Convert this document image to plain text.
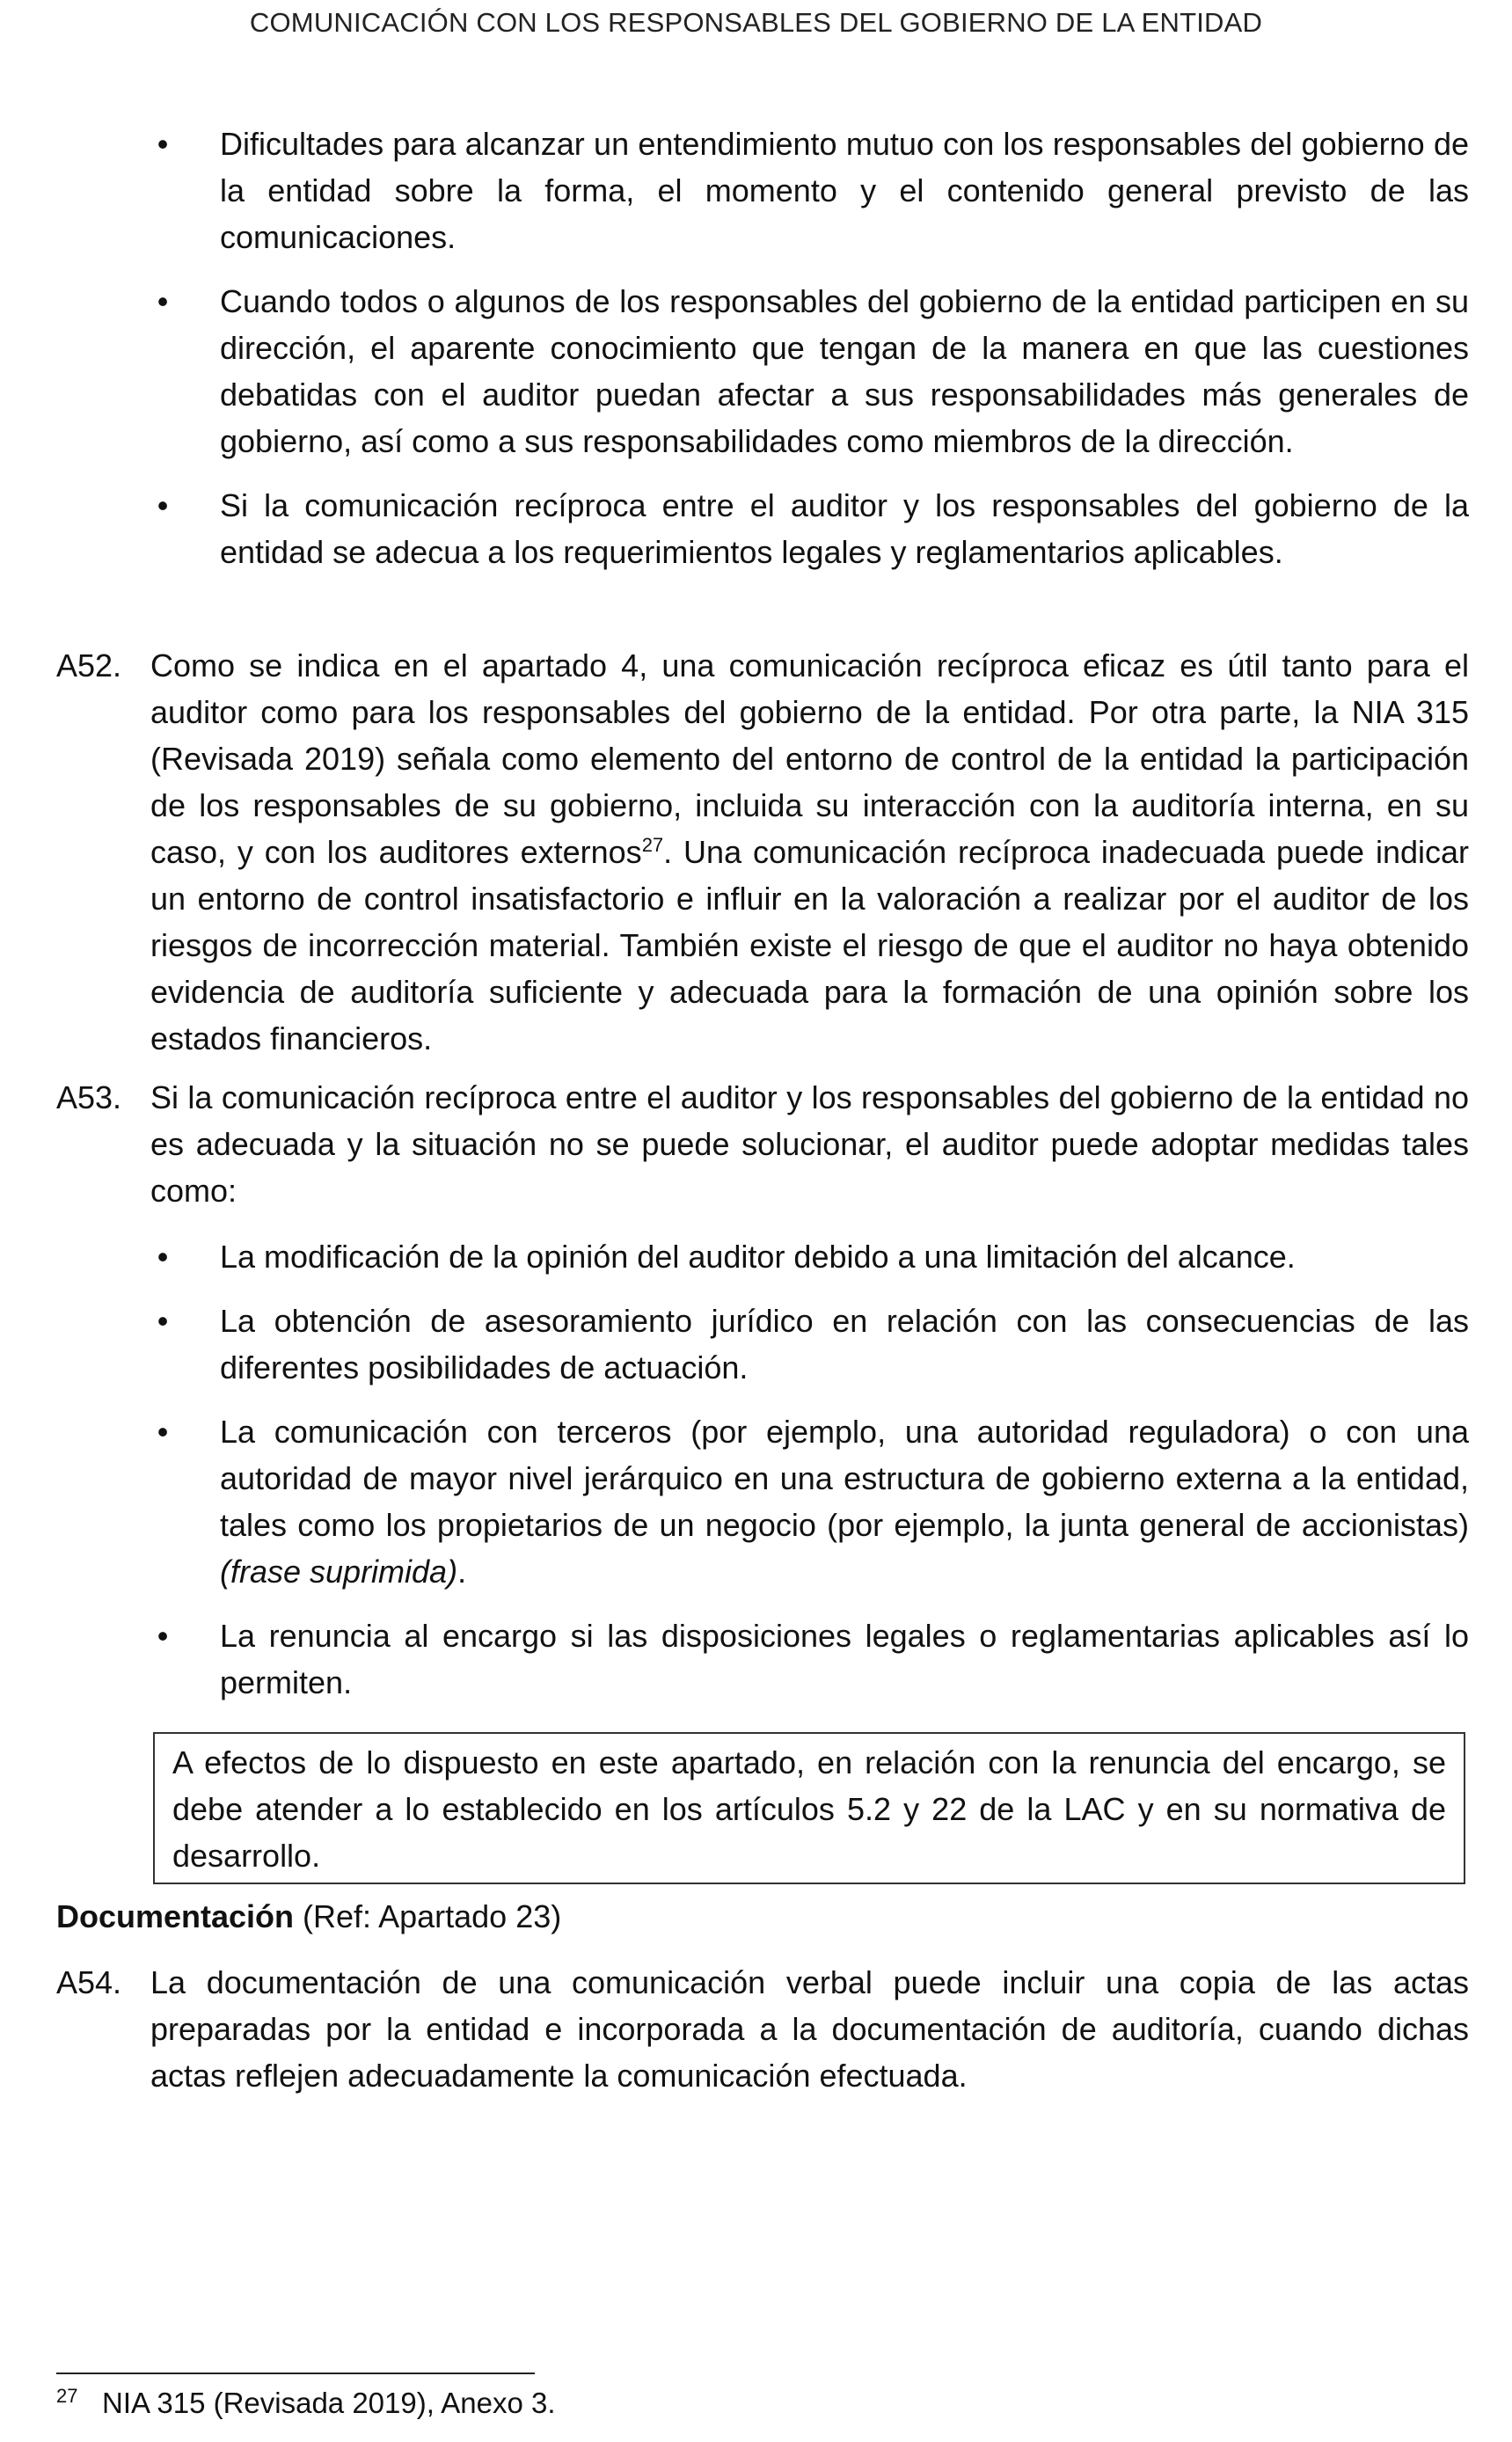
COMUNICACIÓN CON LOS RESPONSABLES DEL GOBIERNO DE LA ENTIDAD
• Dificultades para alcanzar un entendimiento mutuo con los responsables del gobierno de la entidad sobre la forma, el momento y el contenido general previsto de las comunicaciones.
• Cuando todos o algunos de los responsables del gobierno de la entidad participen en su dirección, el aparente conocimiento que tengan de la manera en que las cuestiones debatidas con el auditor puedan afectar a sus responsabilidades más generales de gobierno, así como a sus responsabilidades como miembros de la dirección.
• Si la comunicación recíproca entre el auditor y los responsables del gobierno de la entidad se adecua a los requerimientos legales y reglamentarios aplicables.
A52. Como se indica en el apartado 4, una comunicación recíproca eficaz es útil tanto para el auditor como para los responsables del gobierno de la entidad. Por otra parte, la NIA 315 (Revisada 2019) señala como elemento del entorno de control de la entidad la participación de los responsables de su gobierno, incluida su interacción con la auditoría interna, en su caso, y con los auditores externos$^{27}$. Una comunicación recíproca inadecuada puede indicar un entorno de control insatisfactorio e influir en la valoración a realizar por el auditor de los riesgos de incorrección material. También existe el riesgo de que el auditor no haya obtenido evidencia de auditoría suficiente y adecuada para la formación de una opinión sobre los estados financieros.
A53. Si la comunicación recíproca entre el auditor y los responsables del gobierno de la entidad no es adecuada y la situación no se puede solucionar, el auditor puede adoptar medidas tales como:
• La modificación de la opinión del auditor debido a una limitación del alcance.
• La obtención de asesoramiento jurídico en relación con las consecuencias de las diferentes posibilidades de actuación.
• La comunicación con terceros (por ejemplo, una autoridad reguladora) o con una autoridad de mayor nivel jerárquico en una estructura de gobierno externa a la entidad, tales como los propietarios de un negocio (por ejemplo, la junta general de accionistas) (frase suprimida).
• La renuncia al encargo si las disposiciones legales o reglamentarias aplicables así lo permiten.
A efectos de lo dispuesto en este apartado, en relación con la renuncia del encargo, se debe atender a lo establecido en los artículos 5.2 y 22 de la LAC y en su normativa de desarrollo.
Documentación (Ref: Apartado 23)
A54. La documentación de una comunicación verbal puede incluir una copia de las actas preparadas por la entidad e incorporada a la documentación de auditoría, cuando dichas actas reflejen adecuadamente la comunicación efectuada.
27 NIA 315 (Revisada 2019), Anexo 3.
